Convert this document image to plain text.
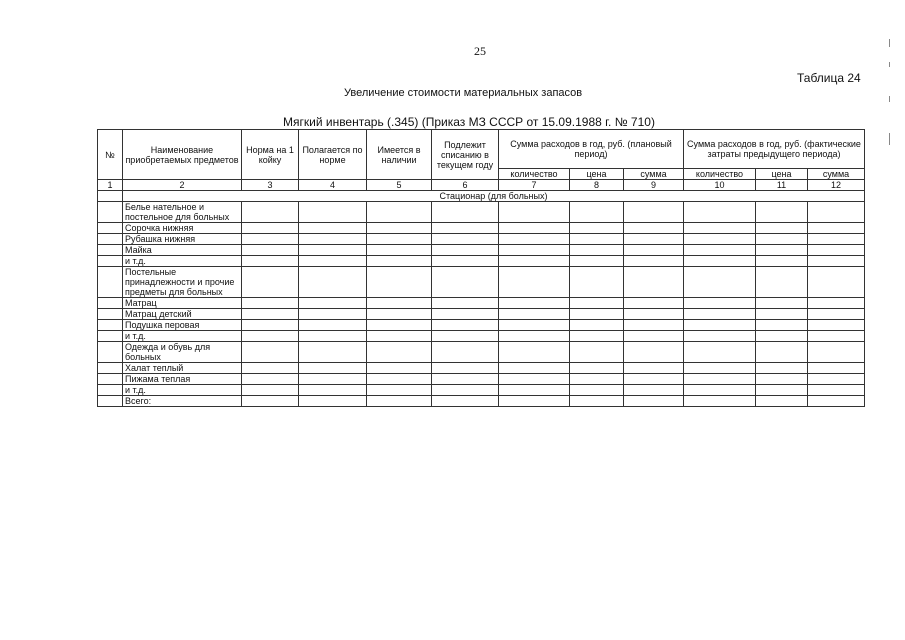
25
Таблица 24
Увеличение стоимости материальных запасов
Мягкий инвентарь (.345) (Приказ МЗ СССР от 15.09.1988 г. № 710)
№	Наименование приобретаемых предметов	Норма на 1 койку	Полагается по норме	Имеется в наличии	Подлежит списанию в текущем году	Сумма расходов в год, руб. (плановый период)			Сумма расходов в год, руб. (фактические затраты предыдущего периода)		
						количество	цена	сумма	количество	цена	сумма
1	2	3	4	5	6	7	8	9	10	11	12
	Стационар (для больных)										
	Белье нательное и постельное для больных										
	Сорочка нижняя										
	Рубашка нижняя										
	Майка										
	и т.д.										
	Постельные принадлежности и прочие предметы для больных										
	Матрац										
	Матрац детский										
	Подушка перовая										
	и т.д.										
	Одежда и обувь для больных										
	Халат теплый										
	Пижама теплая										
	и т.д.										
	Всего:										
